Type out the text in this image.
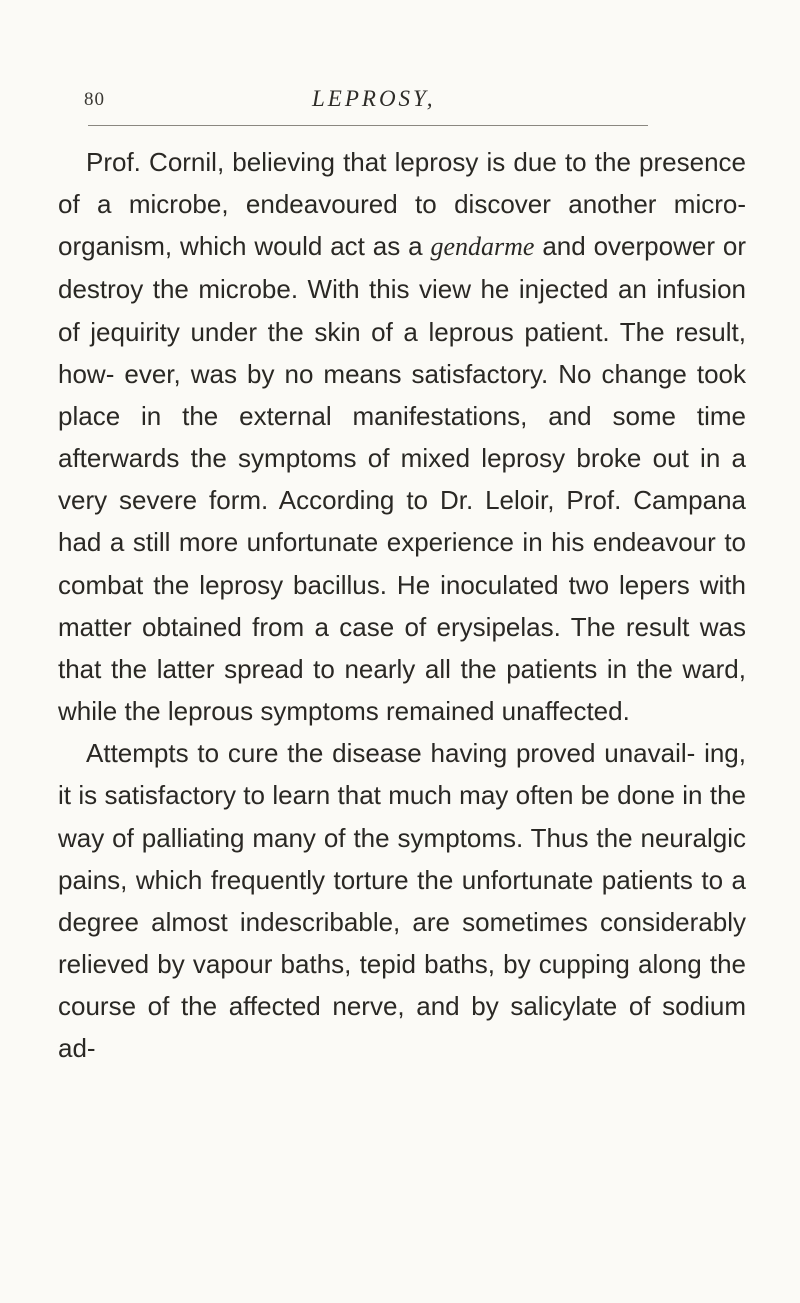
80	LEPROSY,

Prof. Cornil, believing that leprosy is due to the presence of a microbe, endeavoured to discover another micro-organism, which would act as a gendarme and overpower or destroy the microbe. With this view he injected an infusion of jequirity under the skin of a leprous patient. The result, how- ever, was by no means satisfactory. No change took place in the external manifestations, and some time afterwards the symptoms of mixed leprosy broke out in a very severe form. According to Dr. Leloir, Prof. Campana had a still more unfortunate experience in his endeavour to combat the leprosy bacillus. He inoculated two lepers with matter obtained from a case of erysipelas. The result was that the latter spread to nearly all the patients in the ward, while the leprous symptoms remained unaffected.

Attempts to cure the disease having proved unavail- ing, it is satisfactory to learn that much may often be done in the way of palliating many of the symptoms. Thus the neuralgic pains, which frequently torture the unfortunate patients to a degree almost indescribable, are sometimes considerably relieved by vapour baths, tepid baths, by cupping along the course of the affected nerve, and by salicylate of sodium ad-
